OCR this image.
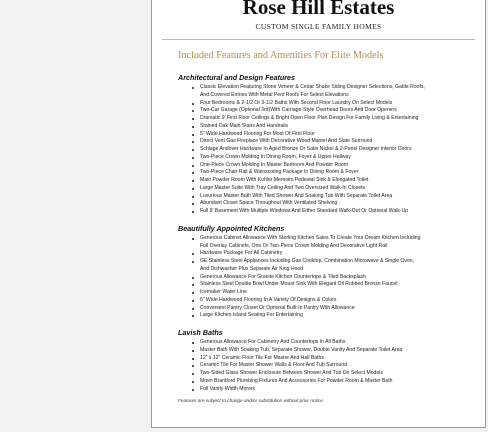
Rose Hill Estates
CUSTOM SINGLE FAMILY HOMES
Included Features and Amenities For Elite Models
Architectural and Design Features
Classic Elevation Featuring Stone Veneer & Cedar Shake Siding Designer Selections, Gable Roofs,
And Covered Entries With Metal Pent Roofs For Select Elevations
Four Bedrooms & 2-1/2 Or 3-1/2 Baths With Second Floor Laundry On Select Models
Two-Car Garage (Optional 3rd)With Carriage-Style Overhead Doors And Door Openers
Dramatic 9' First Floor Ceilings & Bright Open Floor Plan Design For Family Living & Entertaining
Stained Oak Main Stairs And Handrails
5" Wide Hardwood Flooring For Most Of First Floor
Direct Vent Gas Fireplace With Decorative Wood Mantel And Slate Surround
Schlage Andover Hardware In Aged Bronze Or Satin Nickel & 2-Panel Designer Interior Doors
Two-Piece Crown Molding In Dining Room, Foyer & Upper Hallway
One-Piece Crown Molding In Master Bedroom And Powder Room
Two-Piece Chair Rail & Wainscoting Package In Dining Room & Foyer
Main Powder Room With Kohler Memoirs Pedestal Sink & Elongated Toilet
Large Master Suite With Tray Ceiling And Two Oversized Walk-In Closets
Luxurious Master Bath With Tiled Shower And Soaking Tub With Separate Toilet Area
Abundant Closet Space Throughout With Ventilated Shelving
Full 9' Basement With Multiple Windows And Either Standard Walk-Out Or Optional Walk-Up
Beautifully Appointed Kitchens
Generous Cabinet Allowance With Sterling Kitchen Sales To Create Your Dream Kitchen Including
Full Overlay Cabinets, One Or Two-Piece Crown Molding And Decorative Light Rail
Hardware Package For All Cabinetry
GE Stainless Steel Appliances Including Gas Cooktop, Combination Microwave & Single Oven,
And Dishwasher Plus Separate Air King Hood
Generous Allowance For Granite Kitchen Countertops & Tiled Backsplash
Stainless Steel Double Bowl Under Mount Sink With Elegant Oil Rubbed Bronze Faucet
Icemaker Water Line
5" Wide Hardwood Flooring In A Variety Of Designs & Colors
Convenient Pantry Closet Or Optional Built-In Pantry With Allowance
Large Kitchen Island Seating For Entertaining
Lavish Baths
Generous Allowance For Cabinetry And Countertops In All Baths
Master Bath With Soaking Tub, Separate Shower, Double Vanity And Separate Toilet Area
12" x 12" Ceramic Floor Tile For Master And Hall Baths
Ceramic Tile For Master Shower Walls & Floor And Tub Surround
Two-Sided Glass Shower Enclosure Between Shower And Tub On Select Models
Moen Brantford Plumbing Fixtures And Accessories For Powder Room & Master Bath
Full Vanity Width Mirrors
Features are subject to change and/or substitution without prior notice.
